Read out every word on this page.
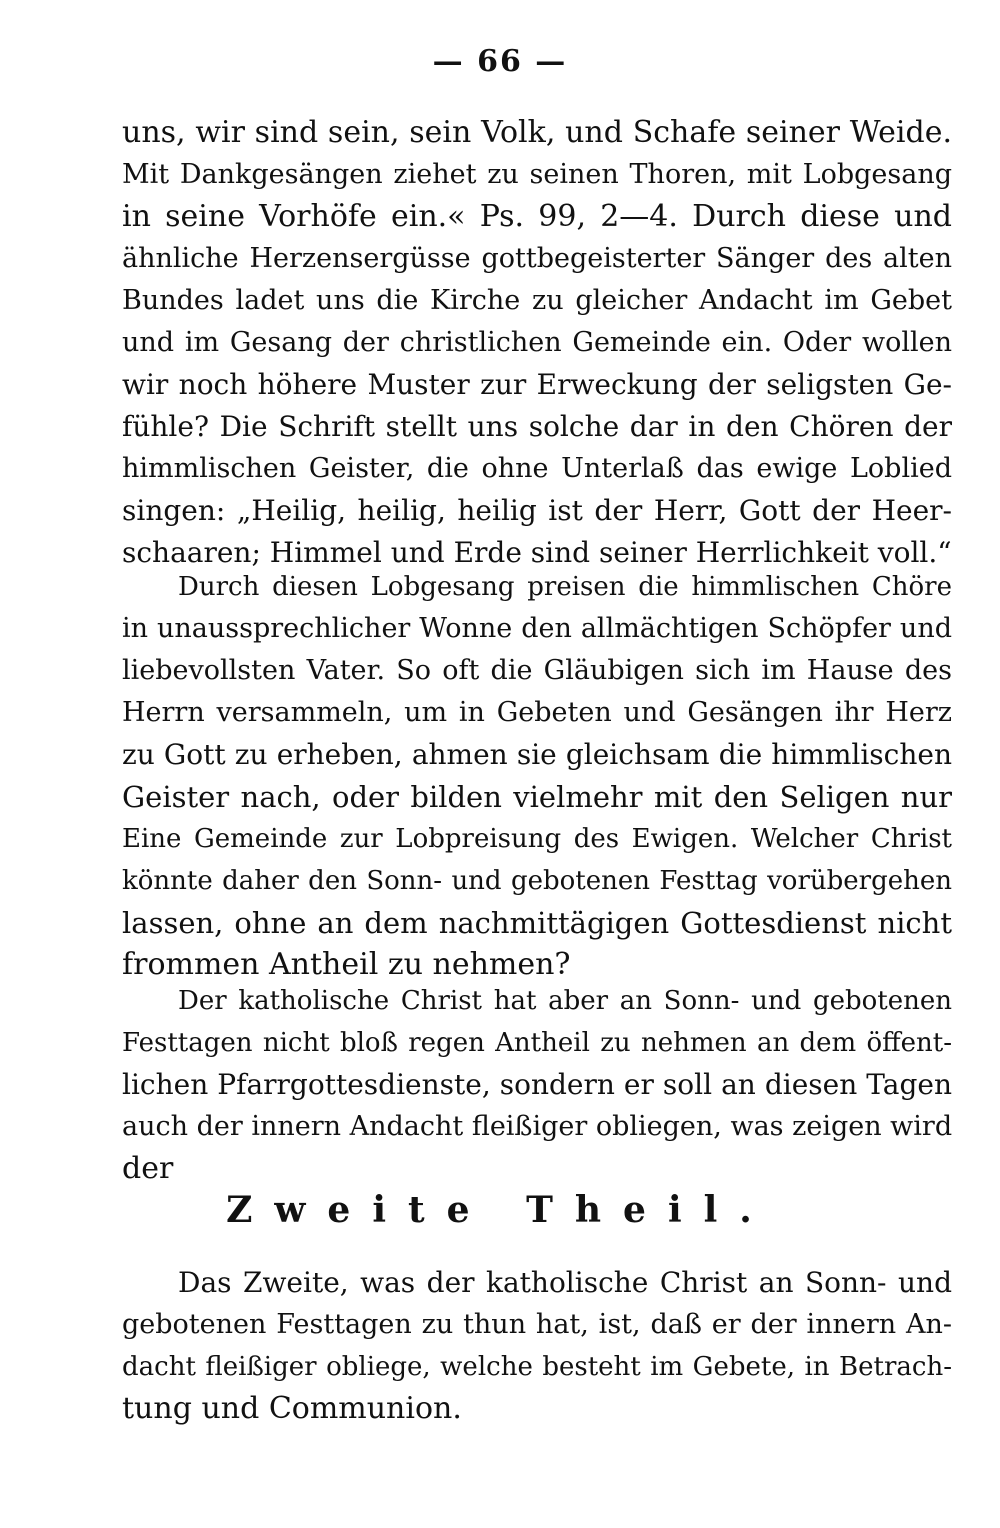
— 66 —
uns, wir sind sein, sein Volk, und Schafe seiner Weide.
Mit Dankgesängen ziehet zu seinen Thoren, mit Lobgesang
in seine Vorhöfe ein.« Ps. 99, 2—4. Durch diese und
ähnliche Herzensergüsse gottbegeisterter Sänger des alten
Bundes ladet uns die Kirche zu gleicher Andacht im Gebet
und im Gesang der christlichen Gemeinde ein. Oder wollen
wir noch höhere Muster zur Erweckung der seligsten Ge-
fühle? Die Schrift stellt uns solche dar in den Chören der
himmlischen Geister, die ohne Unterlaß das ewige Loblied
singen: „Heilig, heilig, heilig ist der Herr, Gott der Heer-
schaaren; Himmel und Erde sind seiner Herrlichkeit voll.“
Durch diesen Lobgesang preisen die himmlischen Chöre
in unaussprechlicher Wonne den allmächtigen Schöpfer und
liebevollsten Vater. So oft die Gläubigen sich im Hause des
Herrn versammeln, um in Gebeten und Gesängen ihr Herz
zu Gott zu erheben, ahmen sie gleichsam die himmlischen
Geister nach, oder bilden vielmehr mit den Seligen nur
Eine Gemeinde zur Lobpreisung des Ewigen. Welcher Christ
könnte daher den Sonn- und gebotenen Festtag vorübergehen
lassen, ohne an dem nachmittägigen Gottesdienst nicht
frommen Antheil zu nehmen?
Der katholische Christ hat aber an Sonn- und gebotenen
Festtagen nicht bloß regen Antheil zu nehmen an dem öffent-
lichen Pfarrgottesdienste, sondern er soll an diesen Tagen
auch der innern Andacht fleißiger obliegen, was zeigen wird
der
Zweite Theil.
Das Zweite, was der katholische Christ an Sonn- und
gebotenen Festtagen zu thun hat, ist, daß er der innern An-
dacht fleißiger obliege, welche besteht im Gebete, in Betrach-
tung und Communion.
